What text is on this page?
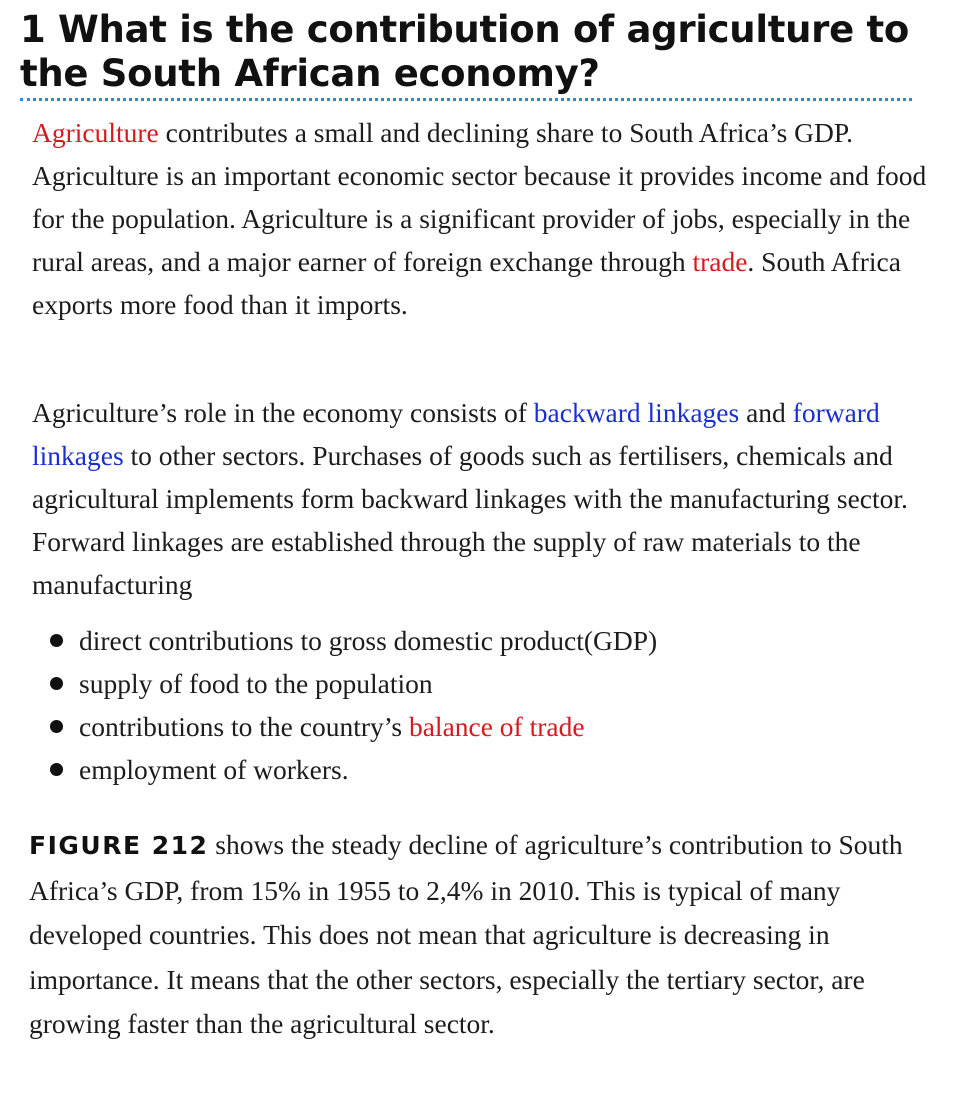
1 What is the contribution of agriculture to the South African economy?

Agriculture contributes a small and declining share to South Africa’s GDP. Agriculture is an important economic sector because it provides income and food for the population. Agriculture is a significant provider of jobs, especially in the rural areas, and a major earner of foreign exchange through trade. South Africa exports more food than it imports.

Agriculture’s role in the economy consists of backward linkages and forward linkages to other sectors. Purchases of goods such as fertilisers, chemicals and agricultural implements form backward linkages with the manufacturing sector. Forward linkages are established through the supply of raw materials to the manufacturing

direct contributions to gross domestic product(GDP)
supply of food to the population
contributions to the country’s balance of trade
employment of workers.

FIGURE 212 shows the steady decline of agriculture’s contribution to South Africa’s GDP, from 15% in 1955 to 2,4% in 2010. This is typical of many developed countries. This does not mean that agriculture is decreasing in importance. It means that the other sectors, especially the tertiary sector, are growing faster than the agricultural sector.
